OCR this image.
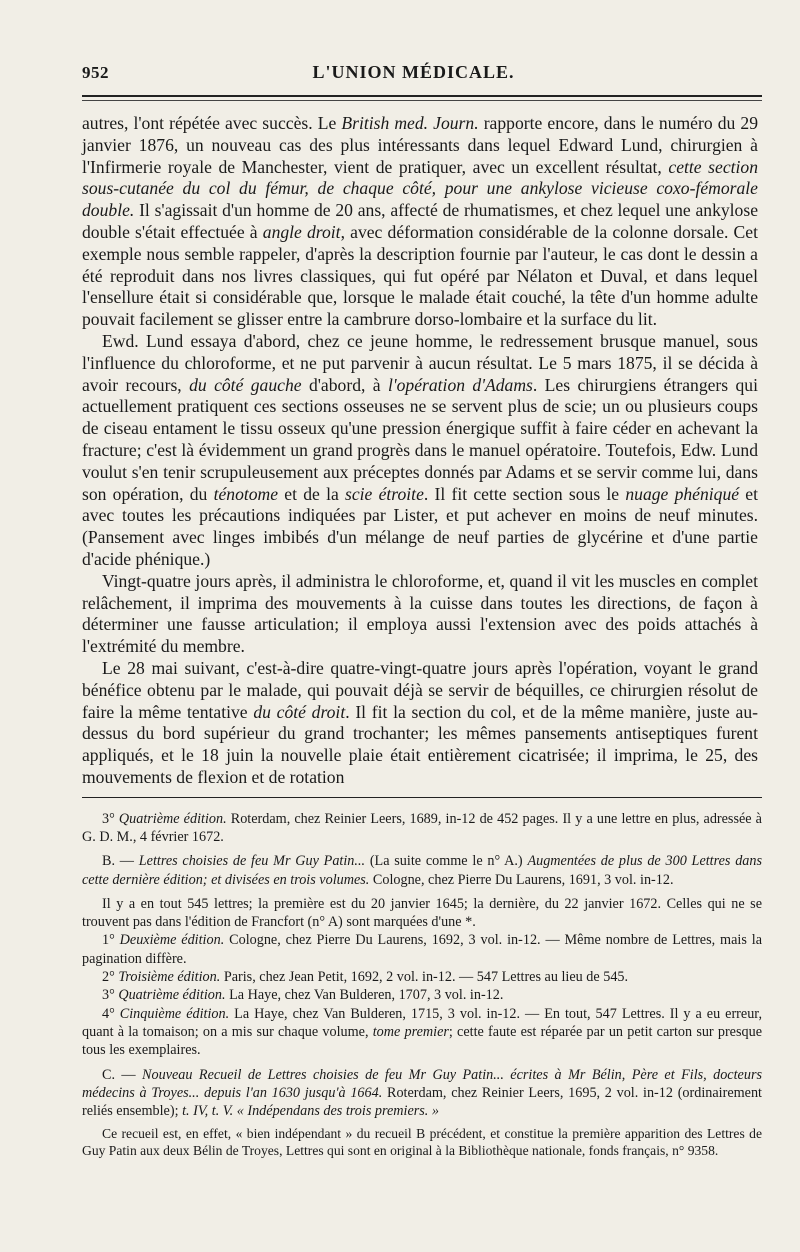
952	L'UNION MÉDICALE.

autres, l'ont répétée avec succès. Le British med. Journ. rapporte encore, dans le numéro du 29 janvier 1876, un nouveau cas des plus intéressants dans lequel Edward Lund, chirurgien à l'Infirmerie royale de Manchester, vient de pratiquer, avec un excellent résultat, cette section sous-cutanée du col du fémur, de chaque côté, pour une ankylose vicieuse coxo-fémorale double. Il s'agissait d'un homme de 20 ans, affecté de rhumatismes, et chez lequel une ankylose double s'était effectuée à angle droit, avec déformation considérable de la colonne dorsale. Cet exemple nous semble rappeler, d'après la description fournie par l'auteur, le cas dont le dessin a été reproduit dans nos livres classiques, qui fut opéré par Nélaton et Duval, et dans lequel l'ensellure était si considérable que, lorsque le malade était couché, la tête d'un homme adulte pouvait facilement se glisser entre la cambrure dorso-lombaire et la surface du lit.

Ewd. Lund essaya d'abord, chez ce jeune homme, le redressement brusque manuel, sous l'influence du chloroforme, et ne put parvenir à aucun résultat. Le 5 mars 1875, il se décida à avoir recours, du côté gauche d'abord, à l'opération d'Adams. Les chirurgiens étrangers qui actuellement pratiquent ces sections osseuses ne se servent plus de scie; un ou plusieurs coups de ciseau entament le tissu osseux qu'une pression énergique suffit à faire céder en achevant la fracture; c'est là évidemment un grand progrès dans le manuel opératoire. Toutefois, Edw. Lund voulut s'en tenir scrupuleusement aux préceptes donnés par Adams et se servir comme lui, dans son opération, du ténotome et de la scie étroite. Il fit cette section sous le nuage phéniqué et avec toutes les précautions indiquées par Lister, et put achever en moins de neuf minutes. (Pansement avec linges imbibés d'un mélange de neuf parties de glycérine et d'une partie d'acide phénique.)

Vingt-quatre jours après, il administra le chloroforme, et, quand il vit les muscles en complet relâchement, il imprima des mouvements à la cuisse dans toutes les directions, de façon à déterminer une fausse articulation; il employa aussi l'extension avec des poids attachés à l'extrémité du membre.

Le 28 mai suivant, c'est-à-dire quatre-vingt-quatre jours après l'opération, voyant le grand bénéfice obtenu par le malade, qui pouvait déjà se servir de béquilles, ce chirurgien résolut de faire la même tentative du côté droit. Il fit la section du col, et de la même manière, juste au-dessus du bord supérieur du grand trochanter; les mêmes pansements antiseptiques furent appliqués, et le 18 juin la nouvelle plaie était entièrement cicatrisée; il imprima, le 25, des mouvements de flexion et de rotation

3° Quatrième édition. Roterdam, chez Reinier Leers, 1689, in-12 de 452 pages. Il y a une lettre en plus, adressée à G. D. M., 4 février 1672.

B. — Lettres choisies de feu Mr Guy Patin... (La suite comme le n° A.) Augmentées de plus de 300 Lettres dans cette dernière édition; et divisées en trois volumes. Cologne, chez Pierre Du Laurens, 1691, 3 vol. in-12.

Il y a en tout 545 lettres; la première est du 20 janvier 1645; la dernière, du 22 janvier 1672. Celles qui ne se trouvent pas dans l'édition de Francfort (n° A) sont marquées d'une *.

1° Deuxième édition. Cologne, chez Pierre Du Laurens, 1692, 3 vol. in-12. — Même nombre de Lettres, mais la pagination diffère.

2° Troisième édition. Paris, chez Jean Petit, 1692, 2 vol. in-12. — 547 Lettres au lieu de 545.

3° Quatrième édition. La Haye, chez Van Bulderen, 1707, 3 vol. in-12.

4° Cinquième édition. La Haye, chez Van Bulderen, 1715, 3 vol. in-12. — En tout, 547 Lettres. Il y a eu erreur, quant à la tomaison; on a mis sur chaque volume, tome premier; cette faute est réparée par un petit carton sur presque tous les exemplaires.

C. — Nouveau Recueil de Lettres choisies de feu Mr Guy Patin... écrites à Mr Bélin, Père et Fils, docteurs médecins à Troyes... depuis l'an 1630 jusqu'à 1664. Roterdam, chez Reinier Leers, 1695, 2 vol. in-12 (ordinairement reliés ensemble); t. IV, t. V. « Indépendans des trois premiers. »

Ce recueil est, en effet, « bien indépendant » du recueil B précédent, et constitue la première apparition des Lettres de Guy Patin aux deux Bélin de Troyes, Lettres qui sont en original à la Bibliothèque nationale, fonds français, n° 9358.
